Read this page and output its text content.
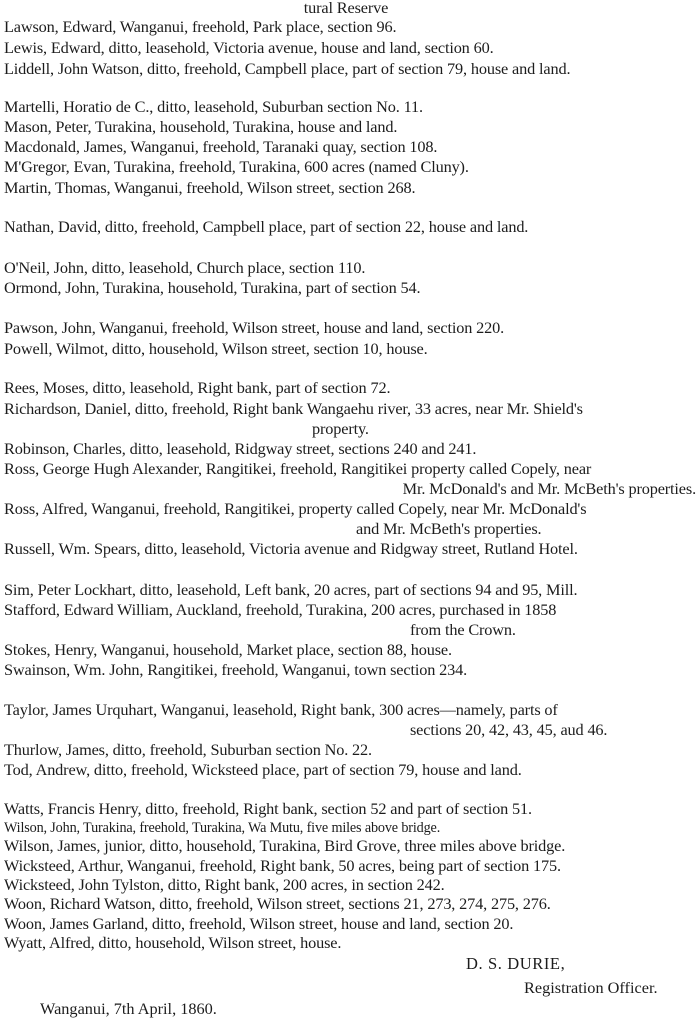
tural Reserve
Lawson, Edward, Wanganui, freehold, Park place, section 96.
Lewis, Edward, ditto, leasehold, Victoria avenue, house and land, section 60.
Liddell, John Watson, ditto, freehold, Campbell place, part of section 79, house and land.
Martelli, Horatio de C., ditto, leasehold, Suburban section No. 11.
Mason, Peter, Turakina, household, Turakina, house and land.
Macdonald, James, Wanganui, freehold, Taranaki quay, section 108.
M'Gregor, Evan, Turakina, freehold, Turakina, 600 acres (named Cluny).
Martin, Thomas, Wanganui, freehold, Wilson street, section 268.
Nathan, David, ditto, freehold, Campbell place, part of section 22, house and land.
O'Neil, John, ditto, leasehold, Church place, section 110.
Ormond, John, Turakina, household, Turakina, part of section 54.
Pawson, John, Wanganui, freehold, Wilson street, house and land, section 220.
Powell, Wilmot, ditto, household, Wilson street, section 10, house.
Rees, Moses, ditto, leasehold, Right bank, part of section 72.
Richardson, Daniel, ditto, freehold, Right bank Wangaehu river, 33 acres, near Mr. Shield's
property.
Robinson, Charles, ditto, leasehold, Ridgway street, sections 240 and 241.
Ross, George Hugh Alexander, Rangitikei, freehold, Rangitikei property called Copely, near
Mr. McDonald's and Mr. McBeth's properties.
Ross, Alfred, Wanganui, freehold, Rangitikei, property called Copely, near Mr. McDonald's
and Mr. McBeth's properties.
Russell, Wm. Spears, ditto, leasehold, Victoria avenue and Ridgway street, Rutland Hotel.
Sim, Peter Lockhart, ditto, leasehold, Left bank, 20 acres, part of sections 94 and 95, Mill.
Stafford, Edward William, Auckland, freehold, Turakina, 200 acres, purchased in 1858
from the Crown.
Stokes, Henry, Wanganui, household, Market place, section 88, house.
Swainson, Wm. John, Rangitikei, freehold, Wanganui, town section 234.
Taylor, James Urquhart, Wanganui, leasehold, Right bank, 300 acres—namely, parts of
sections 20, 42, 43, 45, aud 46.
Thurlow, James, ditto, freehold, Suburban section No. 22.
Tod, Andrew, ditto, freehold, Wicksteed place, part of section 79, house and land.
Watts, Francis Henry, ditto, freehold, Right bank, section 52 and part of section 51.
Wilson, John, Turakina, freehold, Turakina, Wa Mutu, five miles above bridge.
Wilson, James, junior, ditto, household, Turakina, Bird Grove, three miles above bridge.
Wicksteed, Arthur, Wanganui, freehold, Right bank, 50 acres, being part of section 175.
Wicksteed, John Tylston, ditto, Right bank, 200 acres, in section 242.
Woon, Richard Watson, ditto, freehold, Wilson street, sections 21, 273, 274, 275, 276.
Woon, James Garland, ditto, freehold, Wilson street, house and land, section 20.
Wyatt, Alfred, ditto, household, Wilson street, house.
D. S. DURIE,
Registration Officer.
Wanganui, 7th April, 1860.
